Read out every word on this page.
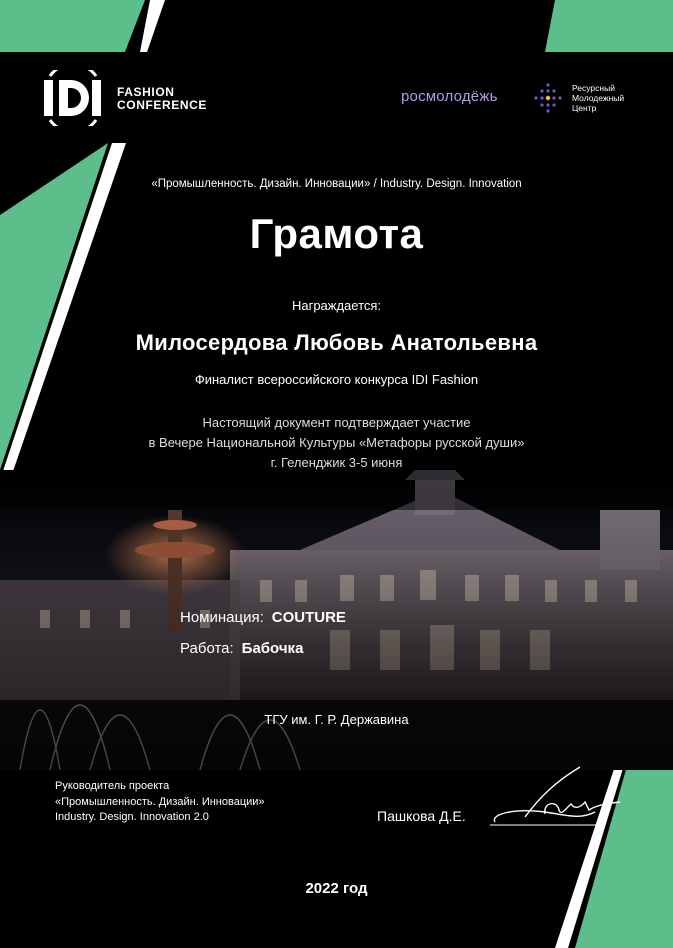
FASHION
CONFERENCE	росмолодёжь	Ресурсный
Молодежный
Центр
«Промышленность. Дизайн. Инновации» / Industry. Design. Innovation
Грамота
Награждается:
Милосердова Любовь Анатольевна
Финалист всероссийского конкурса IDI Fashion
Настоящий документ подтверждает участие
в Вечере Национальной Культуры «Метафоры русской души»
г. Геленджик 3-5 июня
Номинация: COUTURE
Работа: Бабочка
ТГУ им. Г. Р. Державина
Руководитель проекта
«Промышленность. Дизайн. Инновации»
Industry. Design. Innovation 2.0	Пашкова Д.Е.
2022 год
